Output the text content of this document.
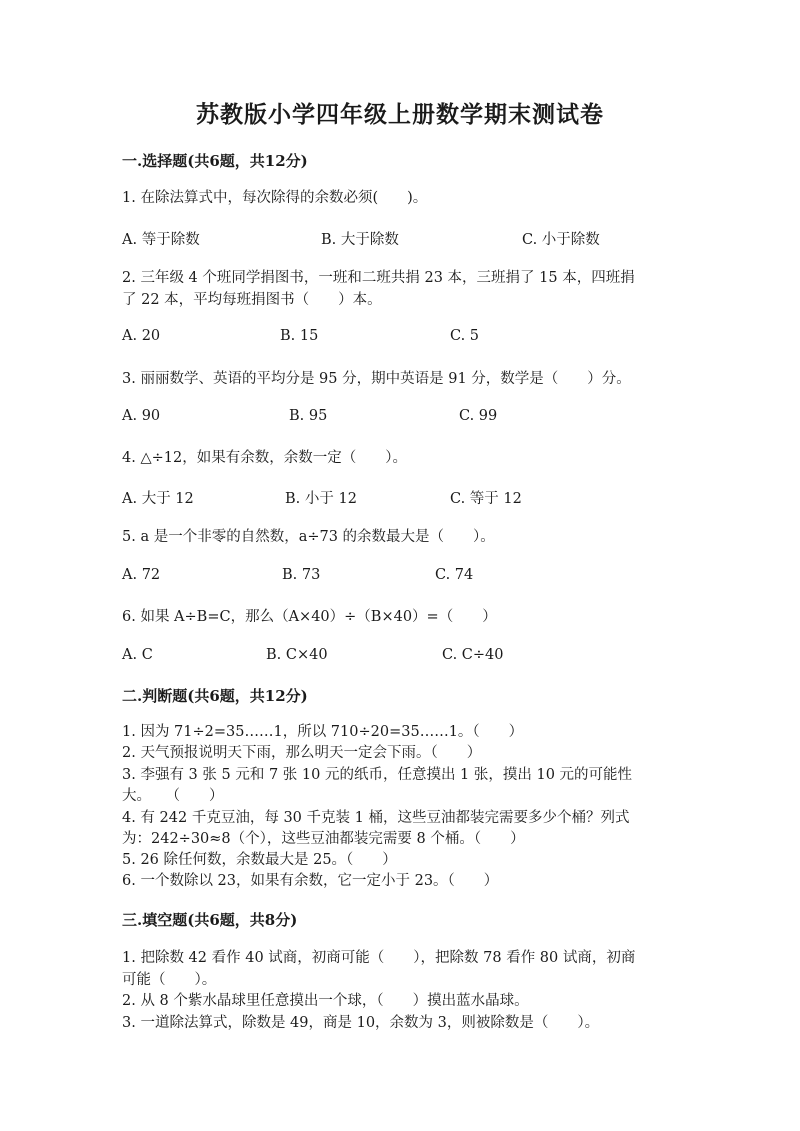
苏教版小学四年级上册数学期末测试卷
一.选择题(共6题，共12分)
1. 在除法算式中，每次除得的余数必须(　　)。
A. 等于除数	B. 大于除数	C. 小于除数
2. 三年级 4 个班同学捐图书，一班和二班共捐 23 本，三班捐了 15 本，四班捐
了 22 本，平均每班捐图书（　　）本。
A. 20	B. 15	C. 5
3. 丽丽数学、英语的平均分是 95 分，期中英语是 91 分，数学是（　　）分。
A. 90	B. 95	C. 99
4. △÷12，如果有余数，余数一定（　　）。
A. 大于 12	B. 小于 12	C. 等于 12
5. a 是一个非零的自然数，a÷73 的余数最大是（　　）。
A. 72	B. 73	C. 74
6. 如果 A÷B=C，那么（A×40）÷（B×40）=（　　）
A. C	B. C×40	C. C÷40
二.判断题(共6题，共12分)
1. 因为 71÷2=35……1，所以 710÷20=35……1。（　　）
2. 天气预报说明天下雨，那么明天一定会下雨。（　　）
3. 李强有 3 张 5 元和 7 张 10 元的纸币，任意摸出 1 张，摸出 10 元的可能性
大。　　（　　）
4. 有 242 千克豆油，每 30 千克装 1 桶，这些豆油都装完需要多少个桶？列式
为：242÷30≈8（个），这些豆油都装完需要 8 个桶。（　　）
5. 26 除任何数，余数最大是 25。（　　）
6. 一个数除以 23，如果有余数，它一定小于 23。（　　）
三.填空题(共6题，共8分)
1. 把除数 42 看作 40 试商，初商可能（　　），把除数 78 看作 80 试商，初商
可能（　　）。
2. 从 8 个紫水晶球里任意摸出一个球，（　　）摸出蓝水晶球。
3. 一道除法算式，除数是 49，商是 10，余数为 3，则被除数是（　　）。
